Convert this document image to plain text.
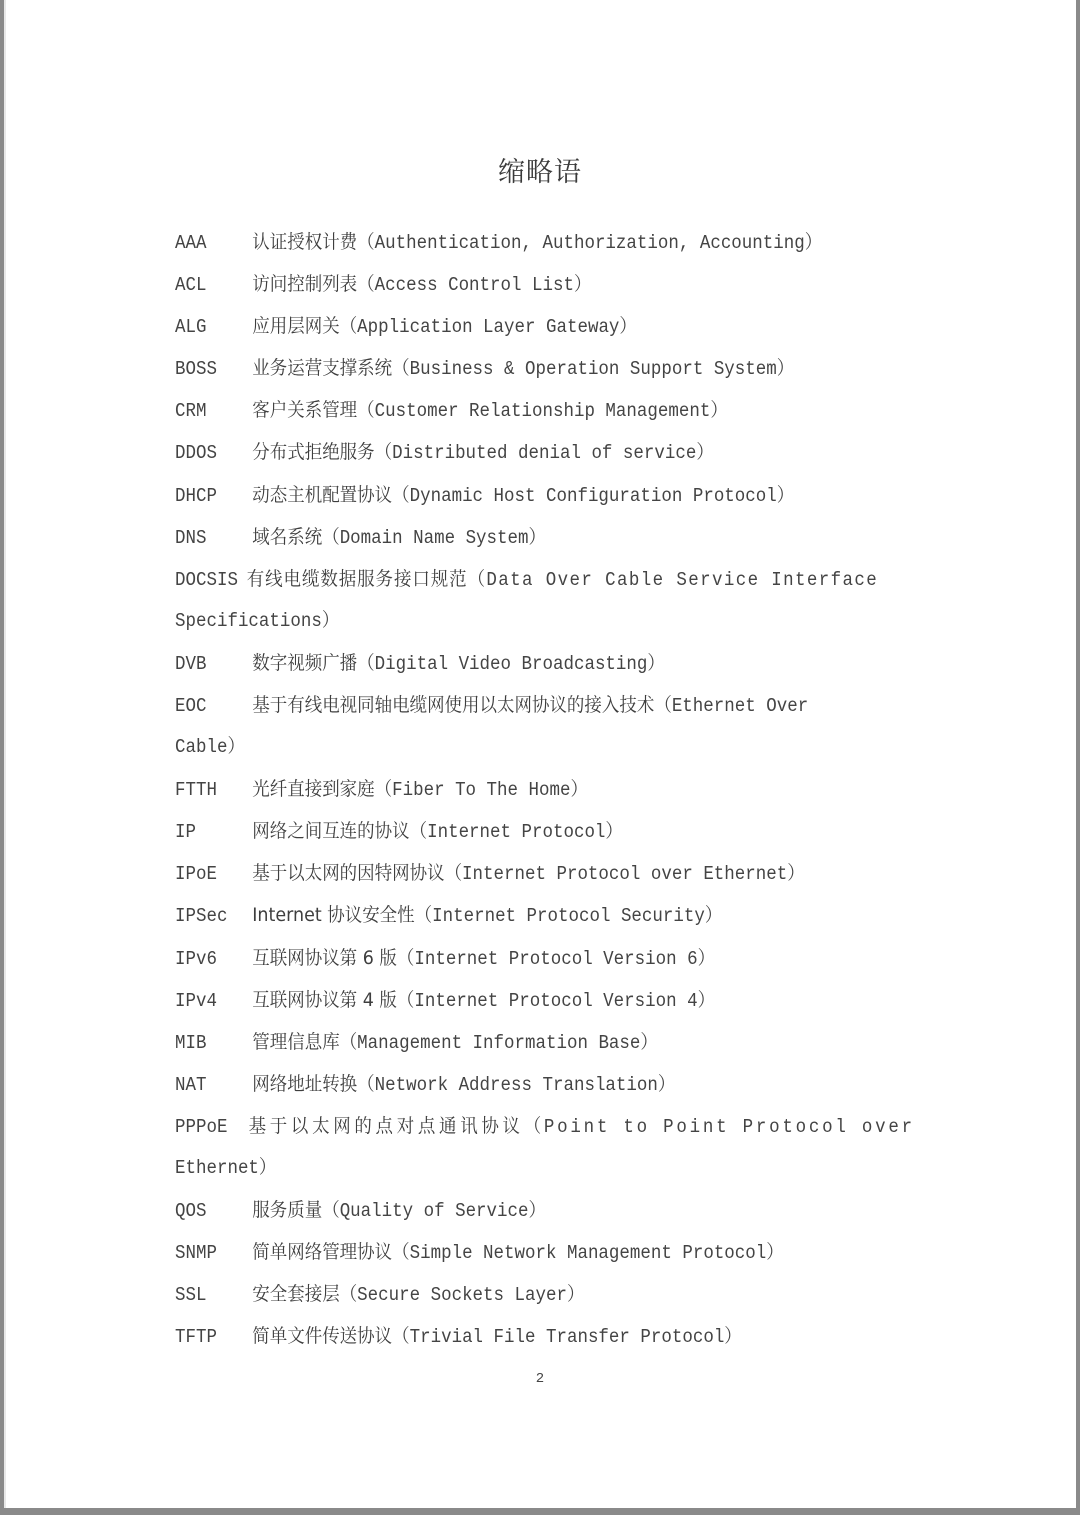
缩略语
AAA 认证授权计费（Authentication, Authorization, Accounting）
ACL 访问控制列表（Access Control List）
ALG 应用层网关（Application Layer Gateway）
BOSS 业务运营支撑系统（Business & Operation Support System）
CRM 客户关系管理（Customer Relationship Management）
DDOS 分布式拒绝服务（Distributed denial of service）
DHCP 动态主机配置协议（Dynamic Host Configuration Protocol）
DNS 域名系统（Domain Name System）
DOCSIS 有线电缆数据服务接口规范（Data Over Cable Service Interface
Specifications）
DVB 数字视频广播（Digital Video Broadcasting）
EOC 基于有线电视同轴电缆网使用以太网协议的接入技术（Ethernet Over
Cable）
FTTH 光纤直接到家庭（Fiber To The Home）
IP	网络之间互连的协议（Internet Protocol）
IPoE 基于以太网的因特网协议（Internet Protocol over Ethernet）
IPSec Internet 协议安全性（Internet Protocol Security）
IPv6 互联网协议第 6 版（Internet Protocol Version 6）
IPv4 互联网协议第 4 版（Internet Protocol Version 4）
MIB 管理信息库（Management Information Base）
NAT 网络地址转换（Network Address Translation）
PPPoE 基于以太网的点对点通讯协议（Point to Point Protocol over
Ethernet）
QOS 服务质量（Quality of Service）
SNMP 简单网络管理协议（Simple Network Management Protocol）
SSL 安全套接层（Secure Sockets Layer）
TFTP 简单文件传送协议（Trivial File Transfer Protocol）
2
